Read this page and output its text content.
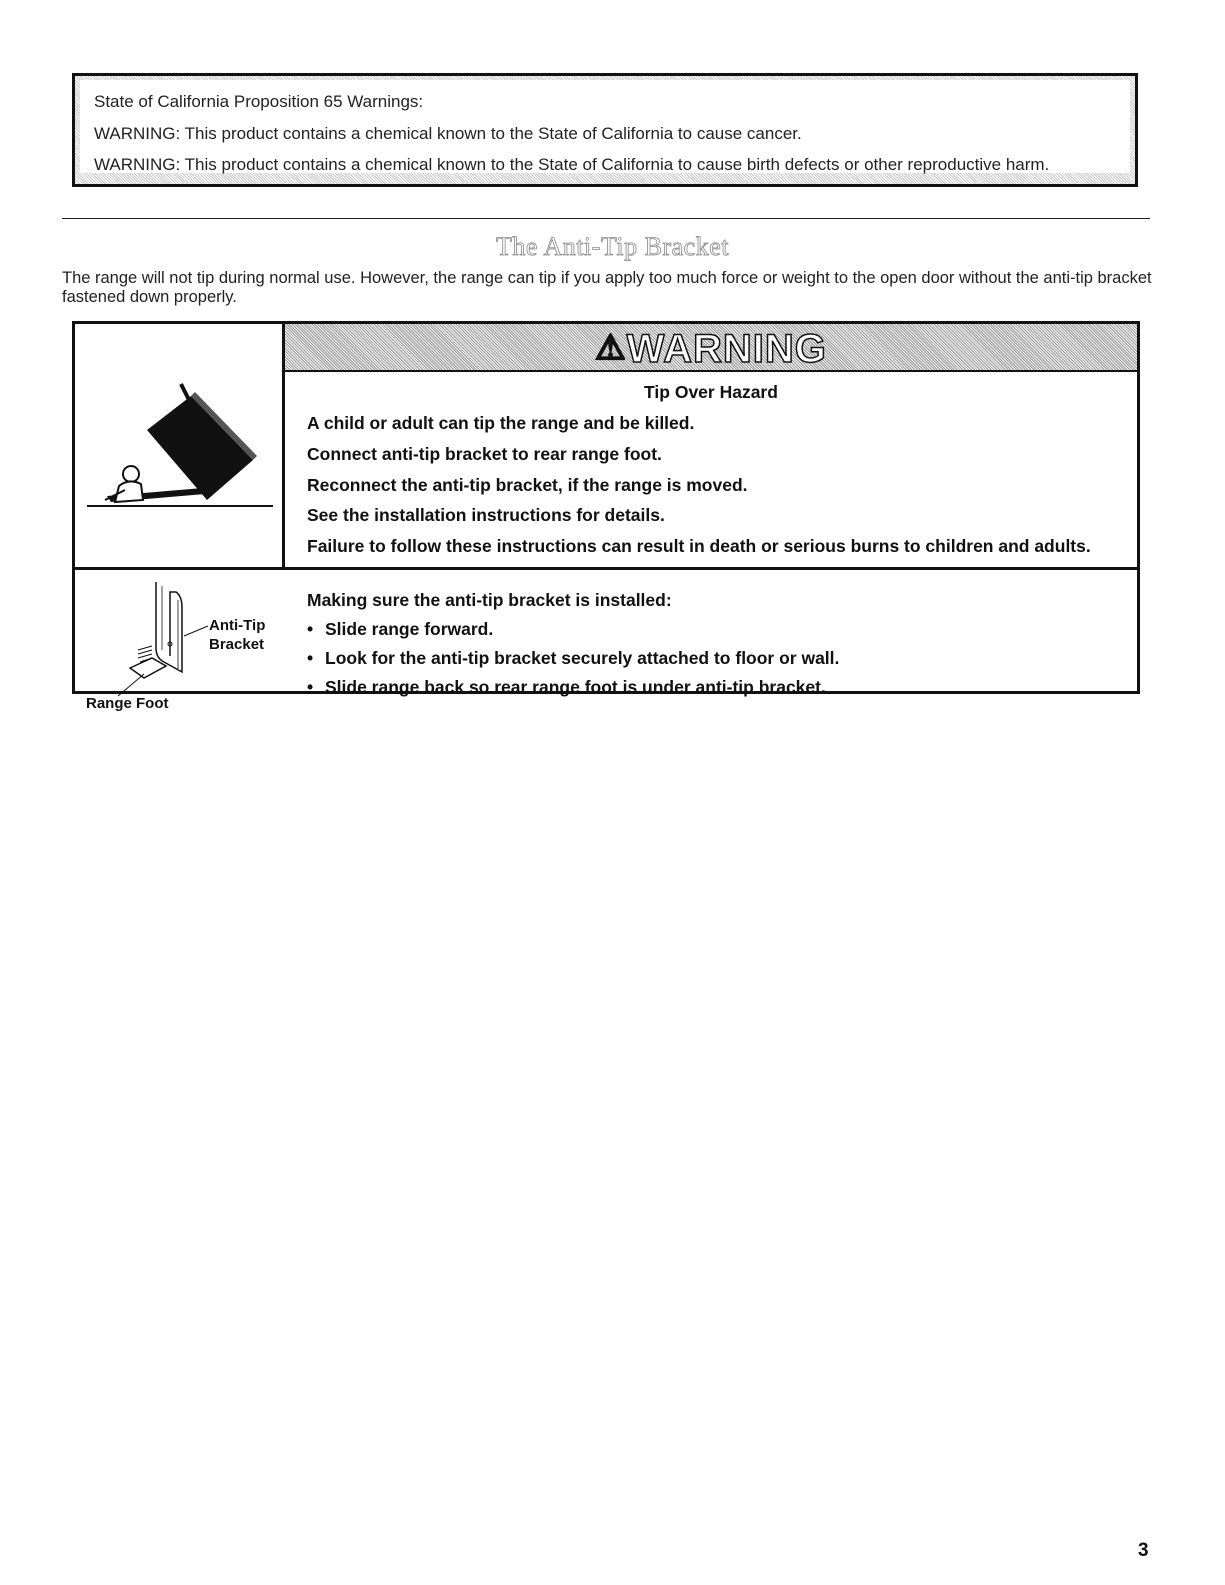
State of California Proposition 65 Warnings:
WARNING: This product contains a chemical known to the State of California to cause cancer.
WARNING: This product contains a chemical known to the State of California to cause birth defects or other reproductive harm.
The Anti-Tip Bracket
The range will not tip during normal use. However, the range can tip if you apply too much force or weight to the open door without the anti-tip bracket fastened down properly.
⚠WARNING
Tip Over Hazard
A child or adult can tip the range and be killed.
Connect anti-tip bracket to rear range foot.
Reconnect the anti-tip bracket, if the range is moved.
See the installation instructions for details.
Failure to follow these instructions can result in death or serious burns to children and adults.
Anti-Tip
Bracket
Range Foot
Making sure the anti-tip bracket is installed:
• Slide range forward.
• Look for the anti-tip bracket securely attached to floor or wall.
• Slide range back so rear range foot is under anti-tip bracket.
3
